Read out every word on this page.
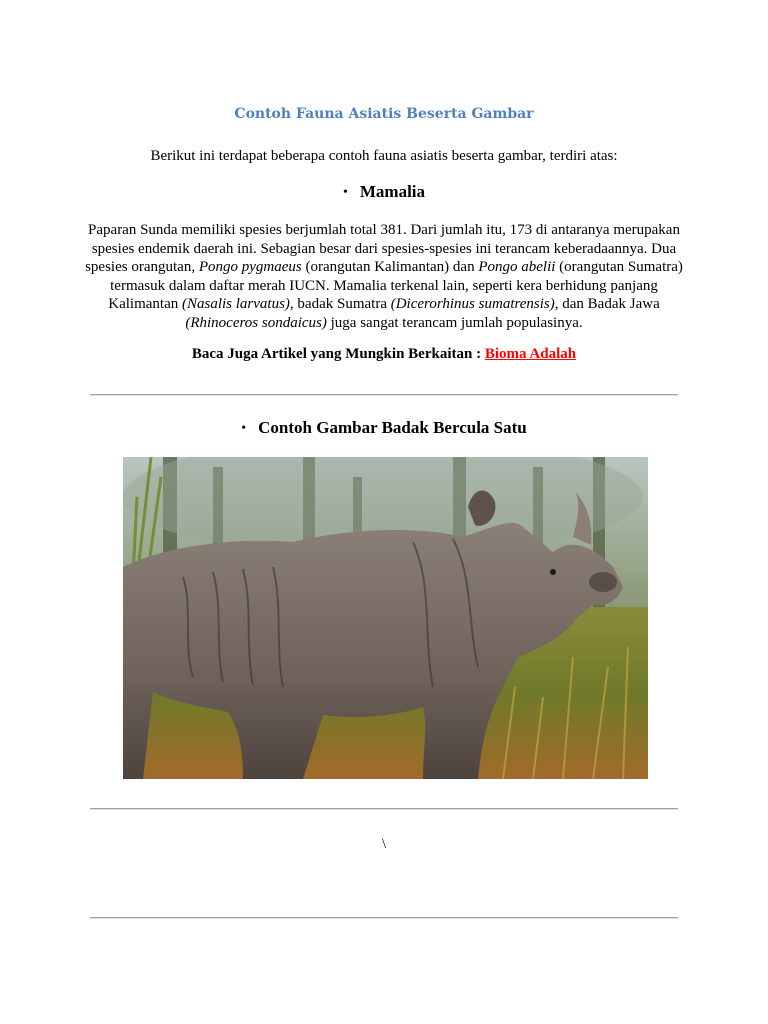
Contoh Fauna Asiatis Beserta Gambar
Berikut ini terdapat beberapa contoh fauna asiatis beserta gambar, terdiri atas:
• Mamalia
Paparan Sunda memiliki spesies berjumlah total 381. Dari jumlah itu, 173 di antaranya merupakan spesies endemik daerah ini. Sebagian besar dari spesies-spesies ini terancam keberadaannya. Dua spesies orangutan, Pongo pygmaeus (orangutan Kalimantan) dan Pongo abelii (orangutan Sumatra) termasuk dalam daftar merah IUCN. Mamalia terkenal lain, seperti kera berhidung panjang Kalimantan (Nasalis larvatus), badak Sumatra (Dicerorhinus sumatrensis), dan Badak Jawa (Rhinoceros sondaicus) juga sangat terancam jumlah populasinya.
Baca Juga Artikel yang Mungkin Berkaitan : Bioma Adalah
• Contoh Gambar Badak Bercula Satu
\
